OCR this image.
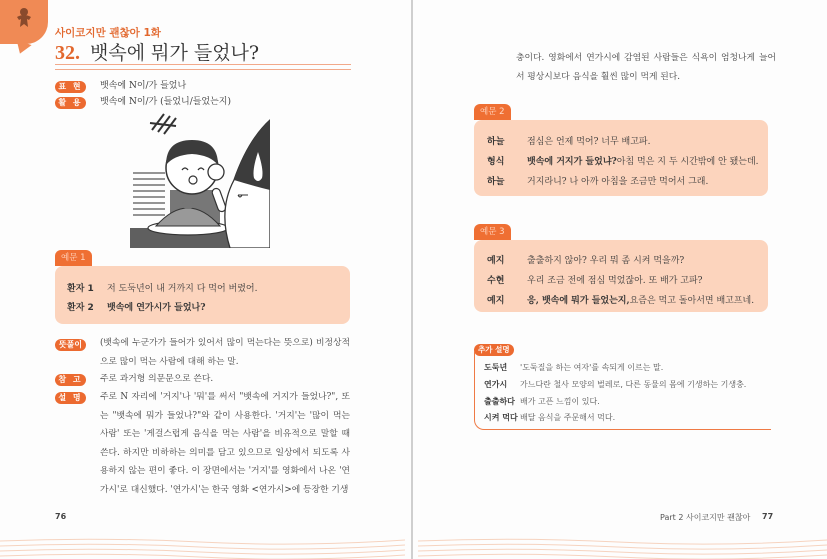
사이코지만 괜찮아 1화
32. 뱃속에 뭐가 들었나?
표 현	뱃속에 N이/가 들었나
활 용	뱃속에 N이/가 (들었니/들었는지)
예문 1
환자 1	저 도둑년이 내 거까지 다 먹어 버렸어.
환자 2	뱃속에 연가시가 들었나?
뜻풀이	(뱃속에 누군가가 들어가 있어서 많이 먹는다는 뜻으로) 비정상적으로 많이 먹는 사람에 대해 하는 말.
참 고	주로 과거형 의문문으로 쓴다.
설 명	주로 N 자리에 '거지'나 '뭐'를 써서 "뱃속에 거지가 들었나?", 또는 "뱃속에 뭐가 들었나?"와 같이 사용한다. '거지'는 '많이 먹는 사람' 또는 '게걸스럽게 음식을 먹는 사람'을 비유적으로 말할 때 쓴다. 하지만 비하하는 의미를 담고 있으므로 일상에서 되도록 사용하지 않는 편이 좋다. 이 장면에서는 '거지'를 영화에서 나온 '연가시'로 대신했다. '연가시'는 한국 영화 <연가시>에 등장한 기생
76
충이다. 영화에서 연가시에 감염된 사람들은 식욕이 엄청나게 늘어서 평상시보다 음식을 훨씬 많이 먹게 된다.
예문 2
하늘	점심은 언제 먹어? 너무 배고파.
형식	뱃속에 거지가 들었냐? 아침 먹은 지 두 시간밖에 안 됐는데.
하늘	거지라니? 나 아까 아침을 조금만 먹어서 그래.
예문 3
예지	출출하지 않아? 우리 뭐 좀 시켜 먹을까?
수현	우리 조금 전에 점심 먹었잖아. 또 배가 고파?
예지	응, 뱃속에 뭐가 들었는지, 요즘은 먹고 돌아서면 배고프네.
추가 설명
도둑년	'도둑질을 하는 여자'를 속되게 이르는 말.
연가시	가느다란 철사 모양의 벌레로, 다른 동물의 몸에 기생하는 기생충.
출출하다 배가 고픈 느낌이 있다.
시켜 먹다 배달 음식을 주문해서 먹다.
Part 2 사이코지만 괜찮아 77
